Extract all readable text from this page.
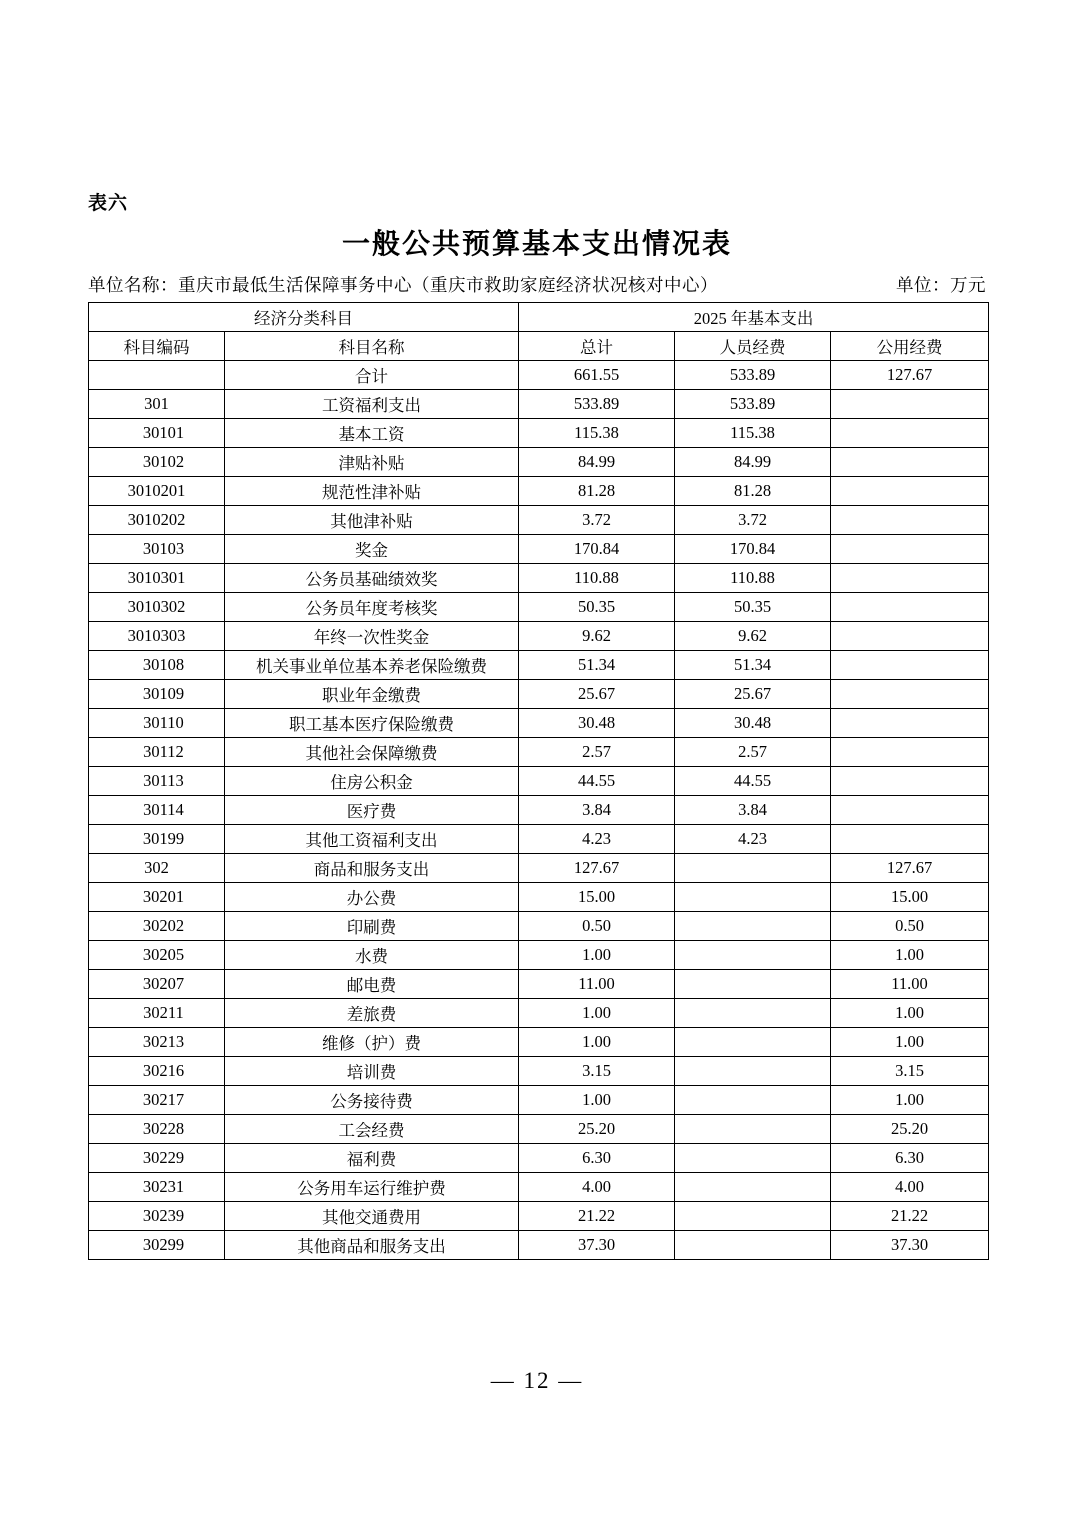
表六
一般公共预算基本支出情况表
单位名称：重庆市最低生活保障事务中心（重庆市救助家庭经济状况核对中心）	单位：万元
经济分类科目		2025 年基本支出		
科目编码	科目名称	总计	人员经费	公用经费
	合计	661.55	533.89	127.67
301	工资福利支出	533.89	533.89	
30101	基本工资	115.38	115.38	
30102	津贴补贴	84.99	84.99	
3010201	规范性津补贴	81.28	81.28	
3010202	其他津补贴	3.72	3.72	
30103	奖金	170.84	170.84	
3010301	公务员基础绩效奖	110.88	110.88	
3010302	公务员年度考核奖	50.35	50.35	
3010303	年终一次性奖金	9.62	9.62	
30108	机关事业单位基本养老保险缴费	51.34	51.34	
30109	职业年金缴费	25.67	25.67	
30110	职工基本医疗保险缴费	30.48	30.48	
30112	其他社会保障缴费	2.57	2.57	
30113	住房公积金	44.55	44.55	
30114	医疗费	3.84	3.84	
30199	其他工资福利支出	4.23	4.23	
302	商品和服务支出	127.67		127.67
30201	办公费	15.00		15.00
30202	印刷费	0.50		0.50
30205	水费	1.00		1.00
30207	邮电费	11.00		11.00
30211	差旅费	1.00		1.00
30213	维修（护）费	1.00		1.00
30216	培训费	3.15		3.15
30217	公务接待费	1.00		1.00
30228	工会经费	25.20		25.20
30229	福利费	6.30		6.30
30231	公务用车运行维护费	4.00		4.00
30239	其他交通费用	21.22		21.22
30299	其他商品和服务支出	37.30		37.30
— 12 —
